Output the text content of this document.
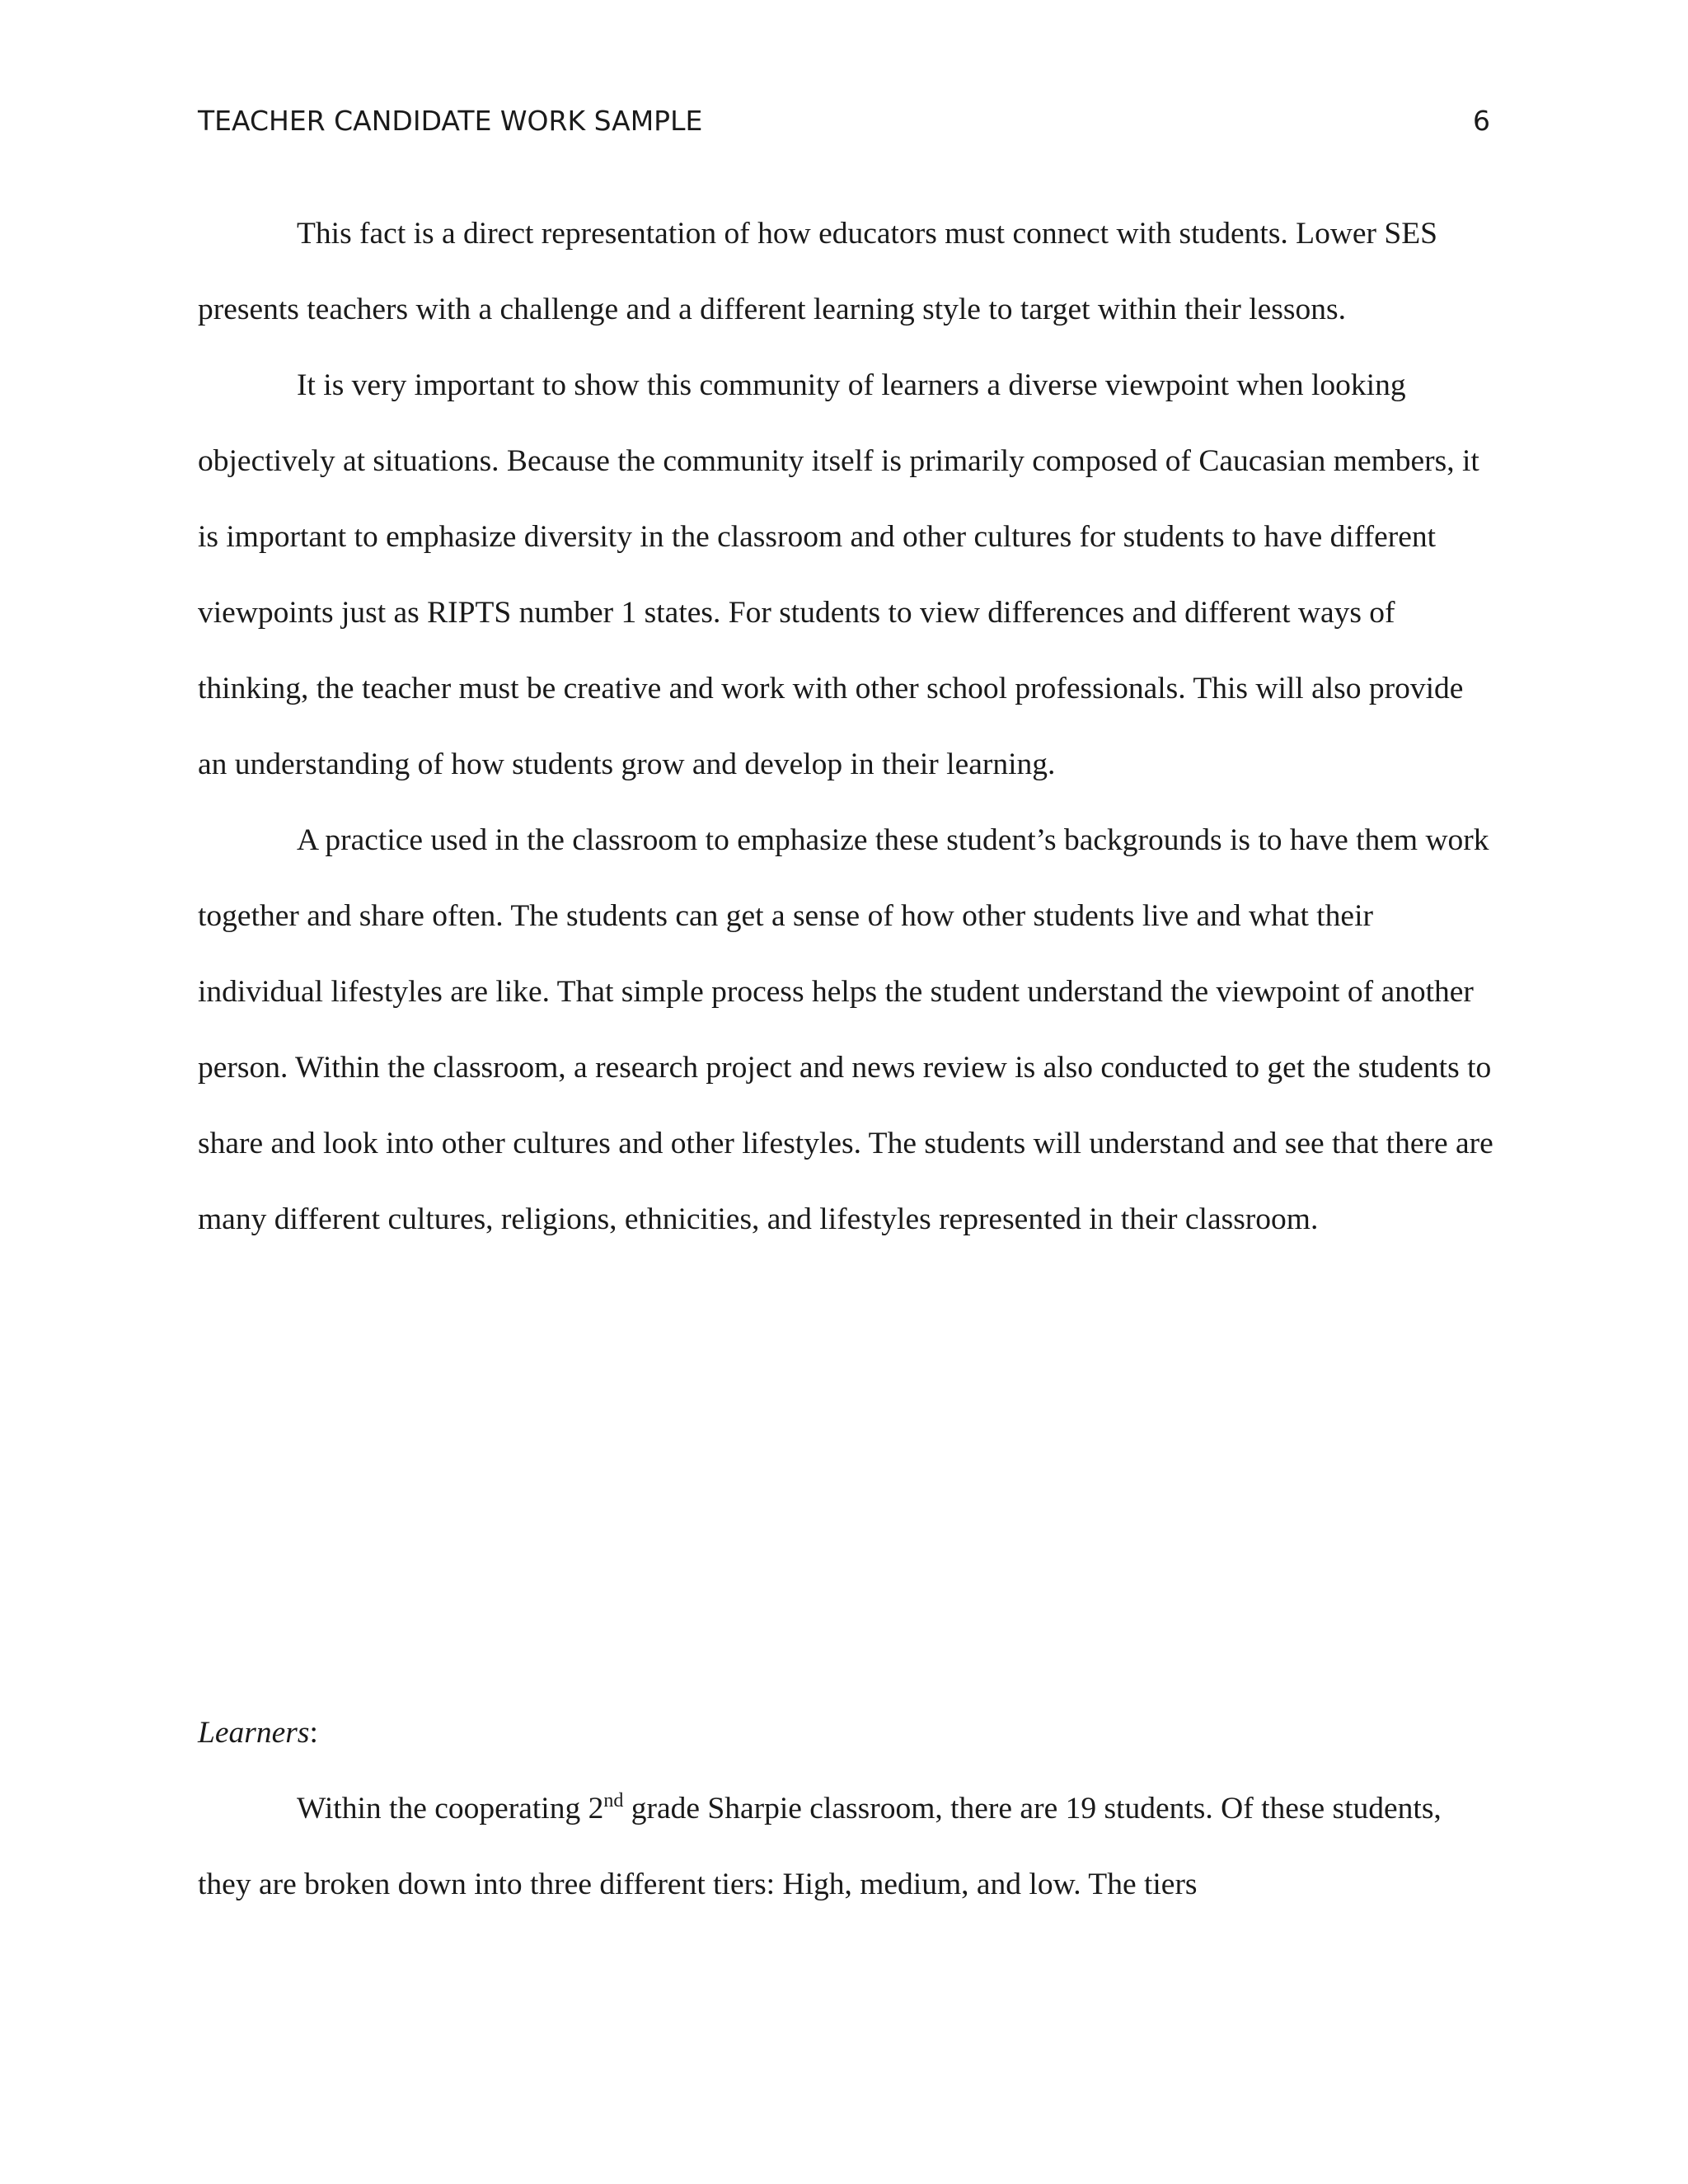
TEACHER CANDIDATE WORK SAMPLE	6

This fact is a direct representation of how educators must connect with students. Lower SES presents teachers with a challenge and a different learning style to target within their lessons.

It is very important to show this community of learners a diverse viewpoint when looking objectively at situations. Because the community itself is primarily composed of Caucasian members, it is important to emphasize diversity in the classroom and other cultures for students to have different viewpoints just as RIPTS number 1 states. For students to view differences and different ways of thinking, the teacher must be creative and work with other school professionals. This will also provide an understanding of how students grow and develop in their learning.

A practice used in the classroom to emphasize these student’s backgrounds is to have them work together and share often. The students can get a sense of how other students live and what their individual lifestyles are like. That simple process helps the student understand the viewpoint of another person. Within the classroom, a research project and news review is also conducted to get the students to share and look into other cultures and other lifestyles. The students will understand and see that there are many different cultures, religions, ethnicities, and lifestyles represented in their classroom.

Learners:

Within the cooperating 2nd grade Sharpie classroom, there are 19 students. Of these students, they are broken down into three different tiers: High, medium, and low. The tiers
